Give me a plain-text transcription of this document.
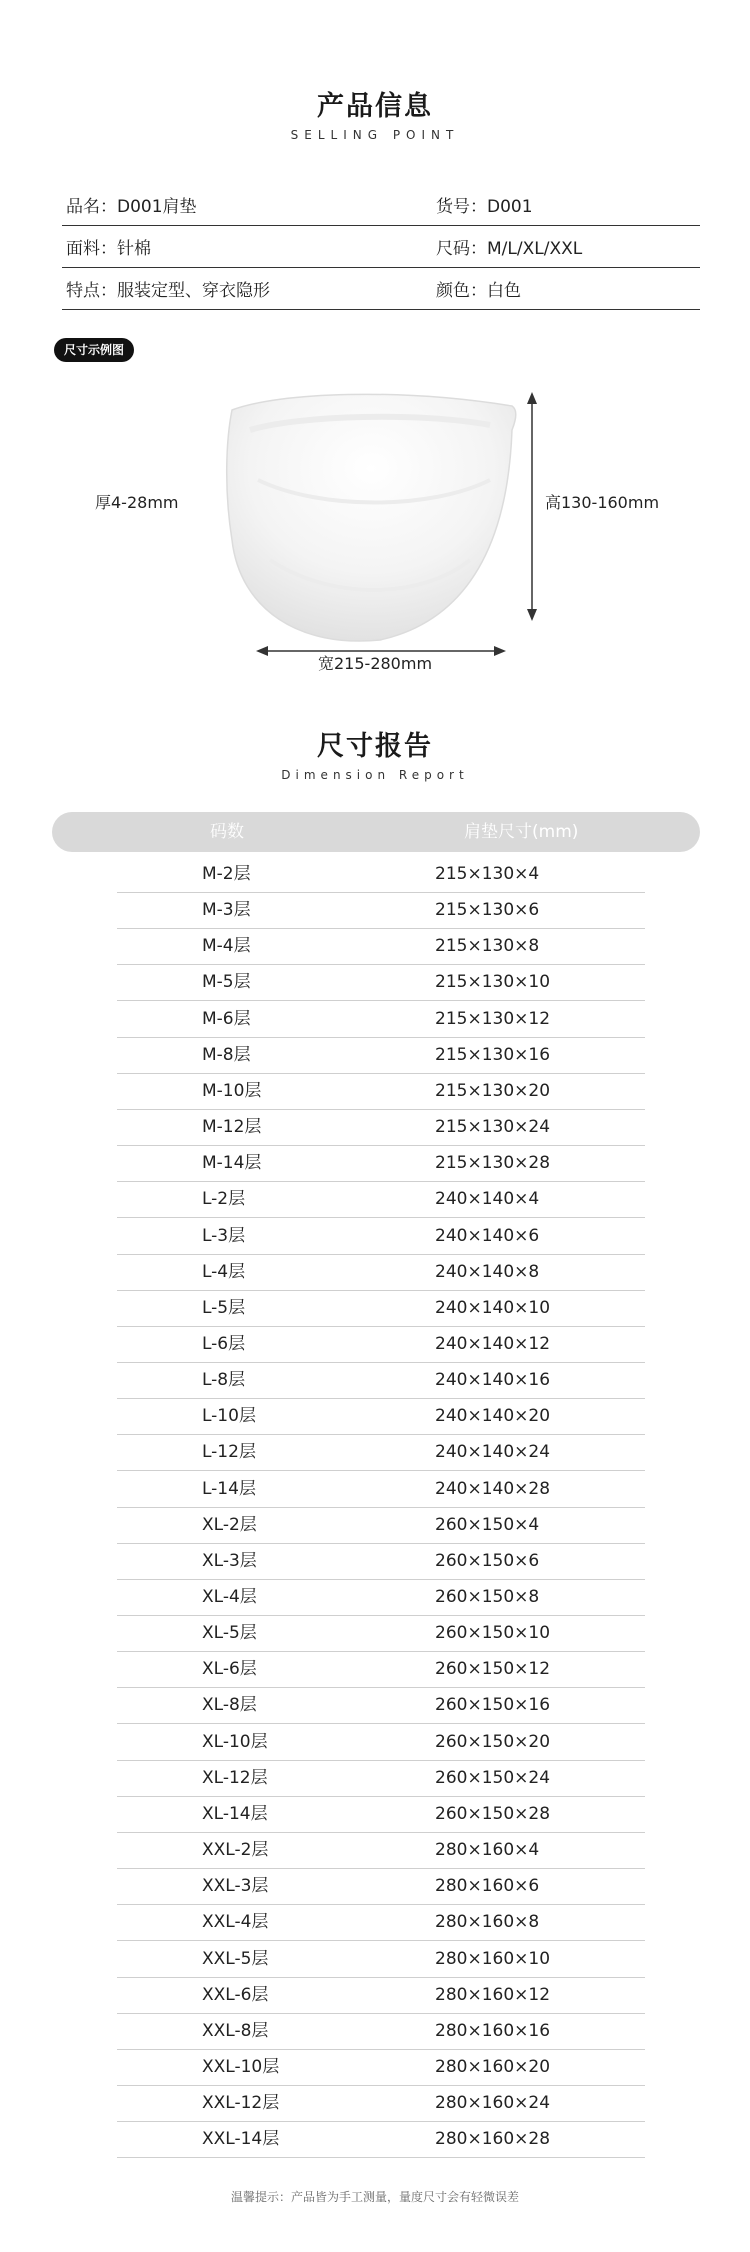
产品信息
SELLING POINT
品名：D001肩垫	货号：D001
面料：针棉	尺码：M/L/XL/XXL
特点：服装定型、穿衣隐形	颜色：白色
尺寸示例图
厚4-28mm	高130-160mm
宽215-280mm
尺寸报告
Dimension Report
码数	肩垫尺寸(mm)
M-2层	215×130×4
M-3层	215×130×6
M-4层	215×130×8
M-5层	215×130×10
M-6层	215×130×12
M-8层	215×130×16
M-10层	215×130×20
M-12层	215×130×24
M-14层	215×130×28
L-2层	240×140×4
L-3层	240×140×6
L-4层	240×140×8
L-5层	240×140×10
L-6层	240×140×12
L-8层	240×140×16
L-10层	240×140×20
L-12层	240×140×24
L-14层	240×140×28
XL-2层	260×150×4
XL-3层	260×150×6
XL-4层	260×150×8
XL-5层	260×150×10
XL-6层	260×150×12
XL-8层	260×150×16
XL-10层	260×150×20
XL-12层	260×150×24
XL-14层	260×150×28
XXL-2层	280×160×4
XXL-3层	280×160×6
XXL-4层	280×160×8
XXL-5层	280×160×10
XXL-6层	280×160×12
XXL-8层	280×160×16
XXL-10层	280×160×20
XXL-12层	280×160×24
XXL-14层	280×160×28
温馨提示：产品皆为手工测量，量度尺寸会有轻微误差
